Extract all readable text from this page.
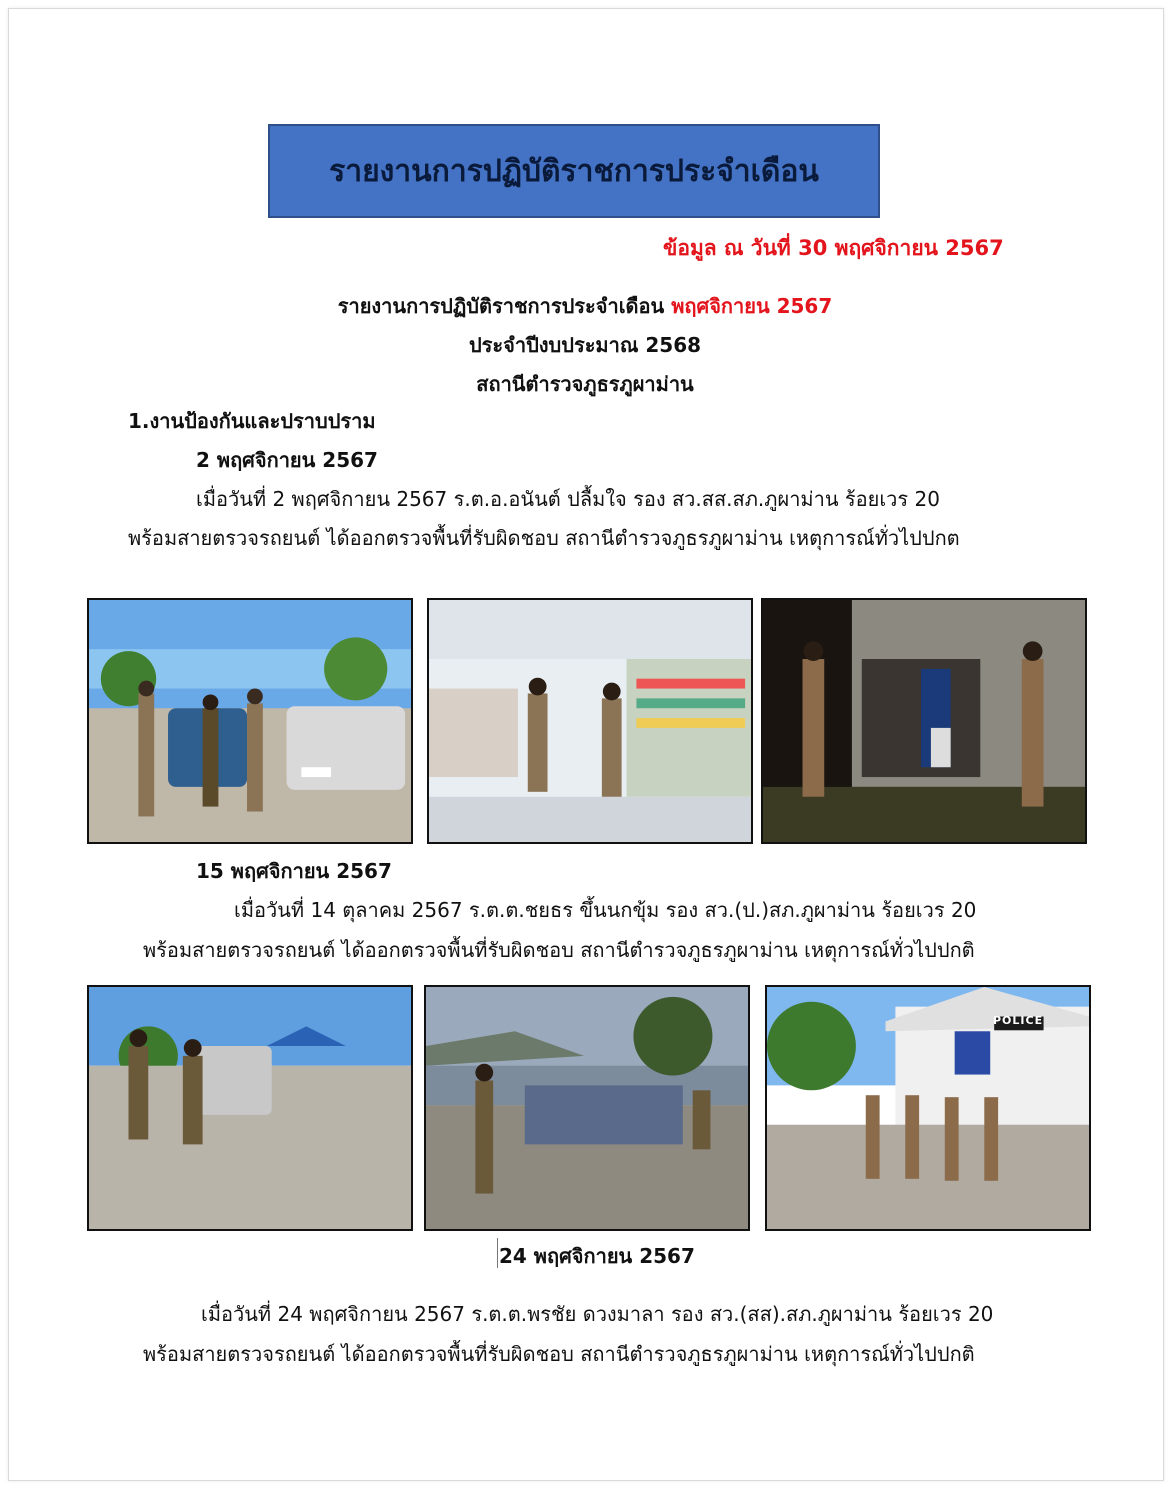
รายงานการปฏิบัติราชการประจำเดือน
ข้อมูล ณ วันที่ 30 พฤศจิกายน 2567
รายงานการปฏิบัติราชการประจำเดือน พฤศจิกายน 2567
ประจำปีงบประมาณ 2568
สถานีตำรวจภูธรภูผาม่าน
1.งานป้องกันและปราบปราม
2 พฤศจิกายน 2567
เมื่อวันที่ 2 พฤศจิกายน 2567 ร.ต.อ.อนันต์ ปลื้มใจ รอง สว.สส.สภ.ภูผาม่าน ร้อยเวร 20
พร้อมสายตรวจรถยนต์ ได้ออกตรวจพื้นที่รับผิดชอบ สถานีตำรวจภูธรภูผาม่าน เหตุการณ์ทั่วไปปกต
15 พฤศจิกายน 2567
เมื่อวันที่ 14 ตุลาคม 2567 ร.ต.ต.ชยธร ขึ้นนกขุ้ม รอง สว.(ป.)สภ.ภูผาม่าน ร้อยเวร 20
พร้อมสายตรวจรถยนต์ ได้ออกตรวจพื้นที่รับผิดชอบ สถานีตำรวจภูธรภูผาม่าน เหตุการณ์ทั่วไปปกติ
POLICE
24 พฤศจิกายน 2567
เมื่อวันที่ 24 พฤศจิกายน 2567 ร.ต.ต.พรชัย ดวงมาลา รอง สว.(สส).สภ.ภูผาม่าน ร้อยเวร 20
พร้อมสายตรวจรถยนต์ ได้ออกตรวจพื้นที่รับผิดชอบ สถานีตำรวจภูธรภูผาม่าน เหตุการณ์ทั่วไปปกติ
